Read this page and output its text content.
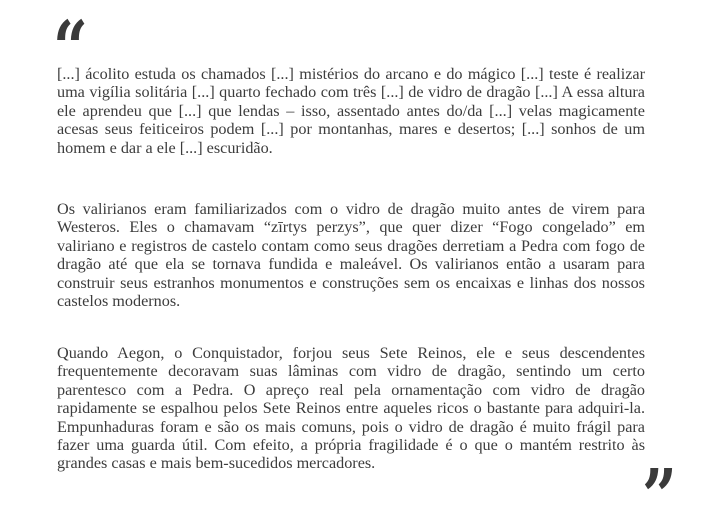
“

[...] ácolito estuda os chamados [...] mistérios do arcano e do mágico [...] teste é realizar uma vigília solitária [...] quarto fechado com três [...] de vidro de dragão [...] A essa altura ele aprendeu que [...] que lendas – isso, assentado antes do/da [...] velas magicamente acesas seus feiticeiros podem [...] por montanhas, mares e desertos; [...] sonhos de um homem e dar a ele [...] escuridão.

Os valirianos eram familiarizados com o vidro de dragão muito antes de virem para Westeros. Eles o chamavam “zīrtys perzys”, que quer dizer “Fogo congelado” em valiriano e registros de castelo contam como seus dragões derretiam a Pedra com fogo de dragão até que ela se tornava fundida e maleável. Os valirianos então a usaram para construir seus estranhos monumentos e construções sem os encaixas e linhas dos nossos castelos modernos.

Quando Aegon, o Conquistador, forjou seus Sete Reinos, ele e seus descendentes frequentemente decoravam suas lâminas com vidro de dragão, sentindo um certo parentesco com a Pedra. O apreço real pela ornamentação com vidro de dragão rapidamente se espalhou pelos Sete Reinos entre aqueles ricos o bastante para adquiri-la. Empunhaduras foram e são os mais comuns, pois o vidro de dragão é muito frágil para fazer uma guarda útil. Com efeito, a própria fragilidade é o que o mantém restrito às grandes casas e mais bem-sucedidos mercadores.	”
